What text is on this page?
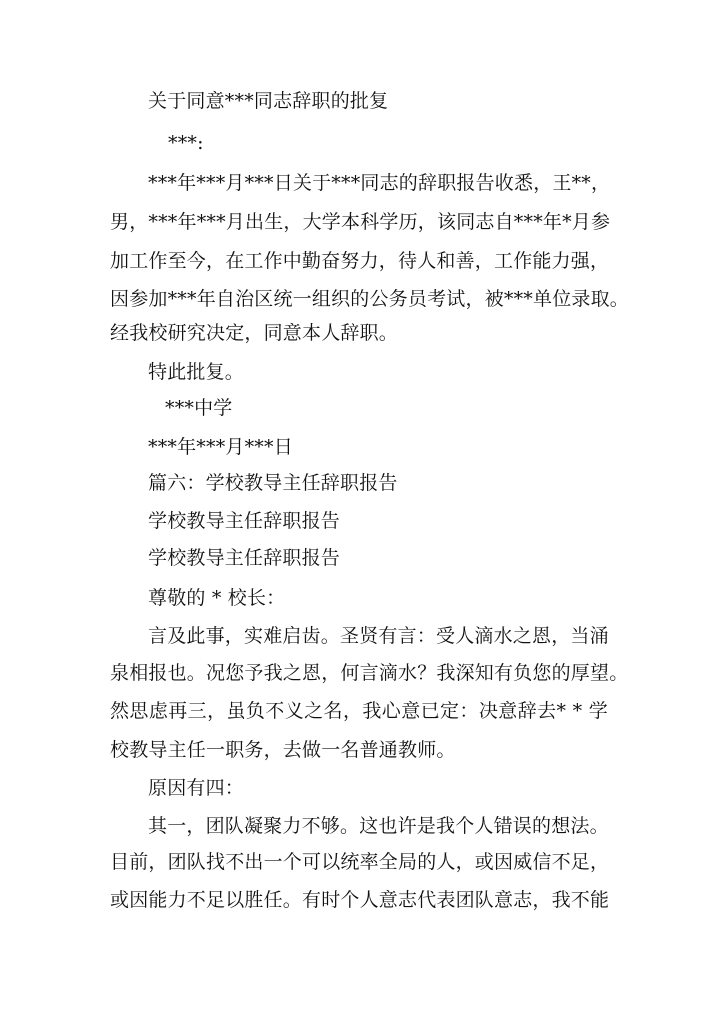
关于同意***同志辞职的批复
***:
***年***月***日关于***同志的辞职报告收悉，王**，
男，***年***月出生，大学本科学历，该同志自***年*月参
加工作至今，在工作中勤奋努力，待人和善，工作能力强，
因参加***年自治区统一组织的公务员考试，被***单位录取。
经我校研究决定，同意本人辞职。
特此批复。
***中学
***年***月***日
篇六：学校教导主任辞职报告
学校教导主任辞职报告
学校教导主任辞职报告
尊敬的 * 校长：
言及此事，实难启齿。圣贤有言：受人滴水之恩，当涌
泉相报也。况您予我之恩，何言滴水？我深知有负您的厚望。
然思虑再三，虽负不义之名，我心意已定：决意辞去* * 学
校教导主任一职务，去做一名普通教师。
原因有四：
其一，团队凝聚力不够。这也许是我个人错误的想法。
目前，团队找不出一个可以统率全局的人，或因威信不足，
或因能力不足以胜任。有时个人意志代表团队意志，我不能
